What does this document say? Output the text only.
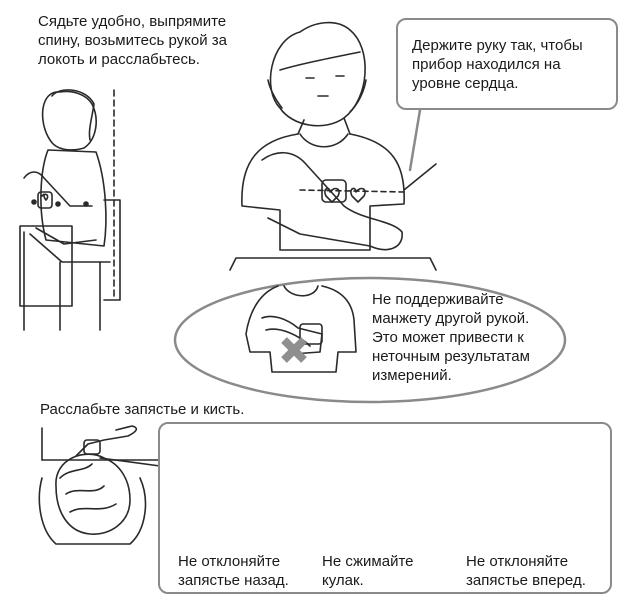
Сядьте удобно, выпрямите
спину, возьмитесь рукой за
локоть и расслабьтесь.
Держите руку так, чтобы
прибор находился на
уровне сердца.
Не поддерживайте
манжету другой рукой.
Это может привести к
неточным результатам
измерений.
Расслабьте запястье и кисть.
Не отклоняйте
запястье назад.
Не сжимайте
кулак.
Не отклоняйте
запястье вперед.
